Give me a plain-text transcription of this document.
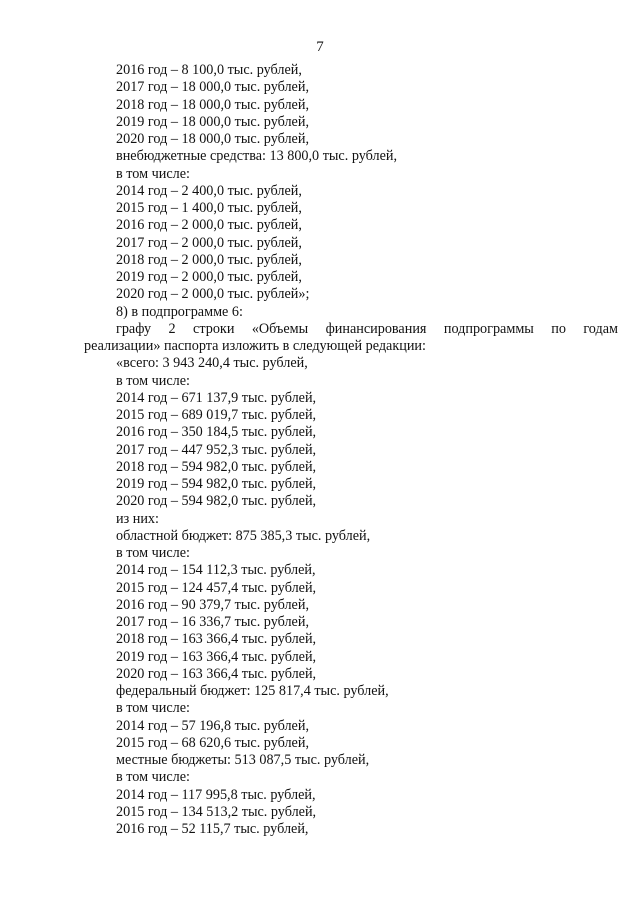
7
2016 год – 8 100,0 тыс. рублей,
2017 год – 18 000,0 тыс. рублей,
2018 год – 18 000,0 тыс. рублей,
2019 год – 18 000,0 тыс. рублей,
2020 год – 18 000,0 тыс. рублей,
внебюджетные средства: 13 800,0 тыс. рублей,
в том числе:
2014 год – 2 400,0 тыс. рублей,
2015 год – 1 400,0 тыс. рублей,
2016 год – 2 000,0 тыс. рублей,
2017 год – 2 000,0 тыс. рублей,
2018 год – 2 000,0 тыс. рублей,
2019 год – 2 000,0 тыс. рублей,
2020 год – 2 000,0 тыс. рублей»;
8) в подпрограмме 6:
графу 2 строки «Объемы финансирования подпрограммы по годам
реализации» паспорта изложить в следующей редакции:
«всего: 3 943 240,4 тыс. рублей,
в том числе:
2014 год – 671 137,9 тыс. рублей,
2015 год – 689 019,7 тыс. рублей,
2016 год – 350 184,5 тыс. рублей,
2017 год – 447 952,3 тыс. рублей,
2018 год – 594 982,0 тыс. рублей,
2019 год – 594 982,0 тыс. рублей,
2020 год – 594 982,0 тыс. рублей,
из них:
областной бюджет: 875 385,3 тыс. рублей,
в том числе:
2014 год – 154 112,3 тыс. рублей,
2015 год – 124 457,4 тыс. рублей,
2016 год – 90 379,7 тыс. рублей,
2017 год – 16 336,7 тыс. рублей,
2018 год – 163 366,4 тыс. рублей,
2019 год – 163 366,4 тыс. рублей,
2020 год – 163 366,4 тыс. рублей,
федеральный бюджет: 125 817,4 тыс. рублей,
в том числе:
2014 год – 57 196,8 тыс. рублей,
2015 год – 68 620,6 тыс. рублей,
местные бюджеты: 513 087,5 тыс. рублей,
в том числе:
2014 год – 117 995,8 тыс. рублей,
2015 год – 134 513,2 тыс. рублей,
2016 год – 52 115,7 тыс. рублей,
